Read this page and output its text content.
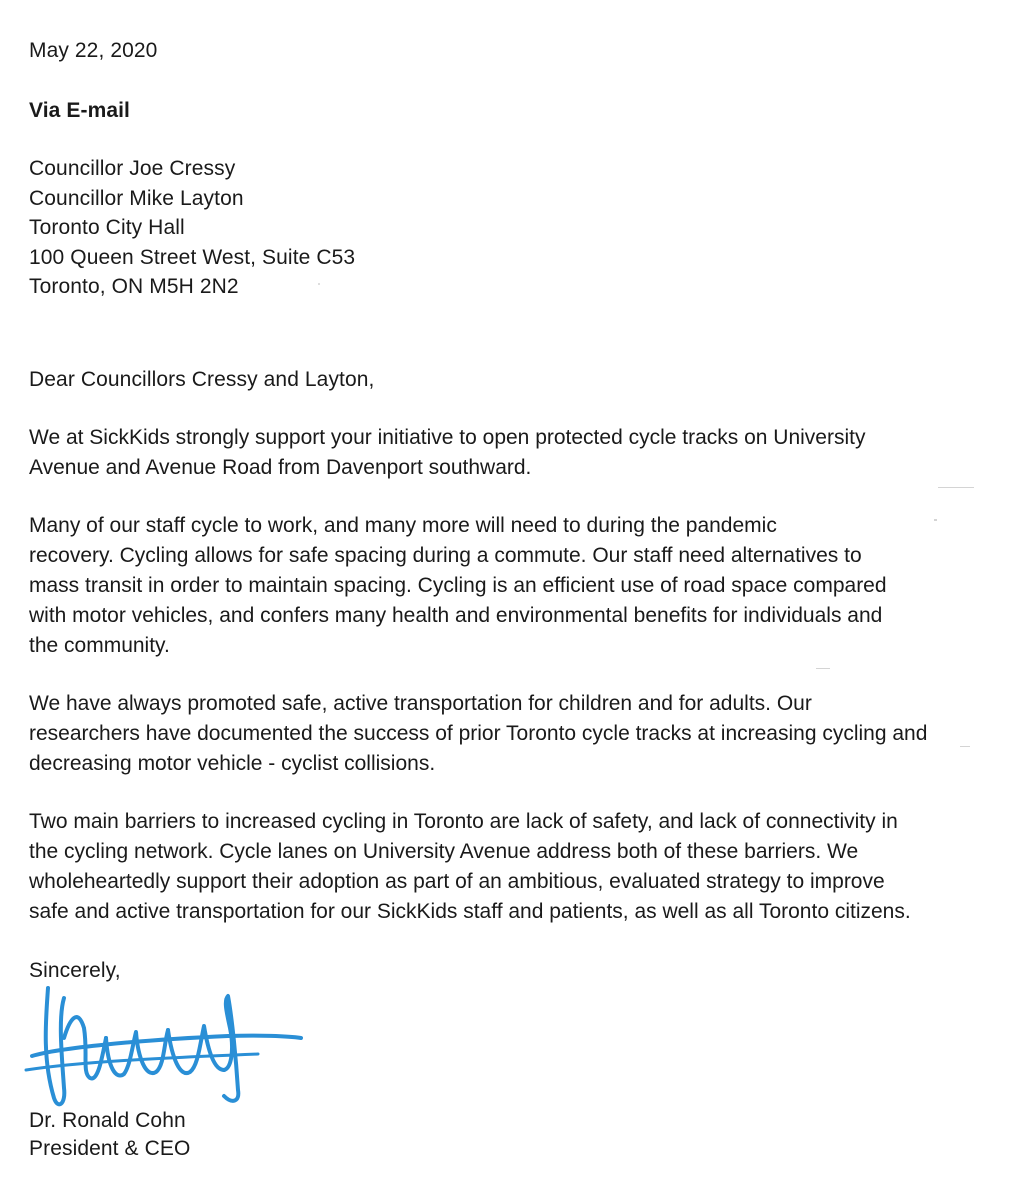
May 22, 2020
Via E-mail
Councillor Joe Cressy
Councillor Mike Layton
Toronto City Hall
100 Queen Street West, Suite C53
Toronto, ON M5H 2N2
Dear Councillors Cressy and Layton,
We at SickKids strongly support your initiative to open protected cycle tracks on University
Avenue and Avenue Road from Davenport southward.
Many of our staff cycle to work, and many more will need to during the pandemic
recovery. Cycling allows for safe spacing during a commute. Our staff need alternatives to
mass transit in order to maintain spacing. Cycling is an efficient use of road space compared
with motor vehicles, and confers many health and environmental benefits for individuals and
the community.
We have always promoted safe, active transportation for children and for adults. Our
researchers have documented the success of prior Toronto cycle tracks at increasing cycling and
decreasing motor vehicle - cyclist collisions.
Two main barriers to increased cycling in Toronto are lack of safety, and lack of connectivity in
the cycling network. Cycle lanes on University Avenue address both of these barriers. We
wholeheartedly support their adoption as part of an ambitious, evaluated strategy to improve
safe and active transportation for our SickKids staff and patients, as well as all Toronto citizens.
Sincerely,
Dr. Ronald Cohn
President & CEO
